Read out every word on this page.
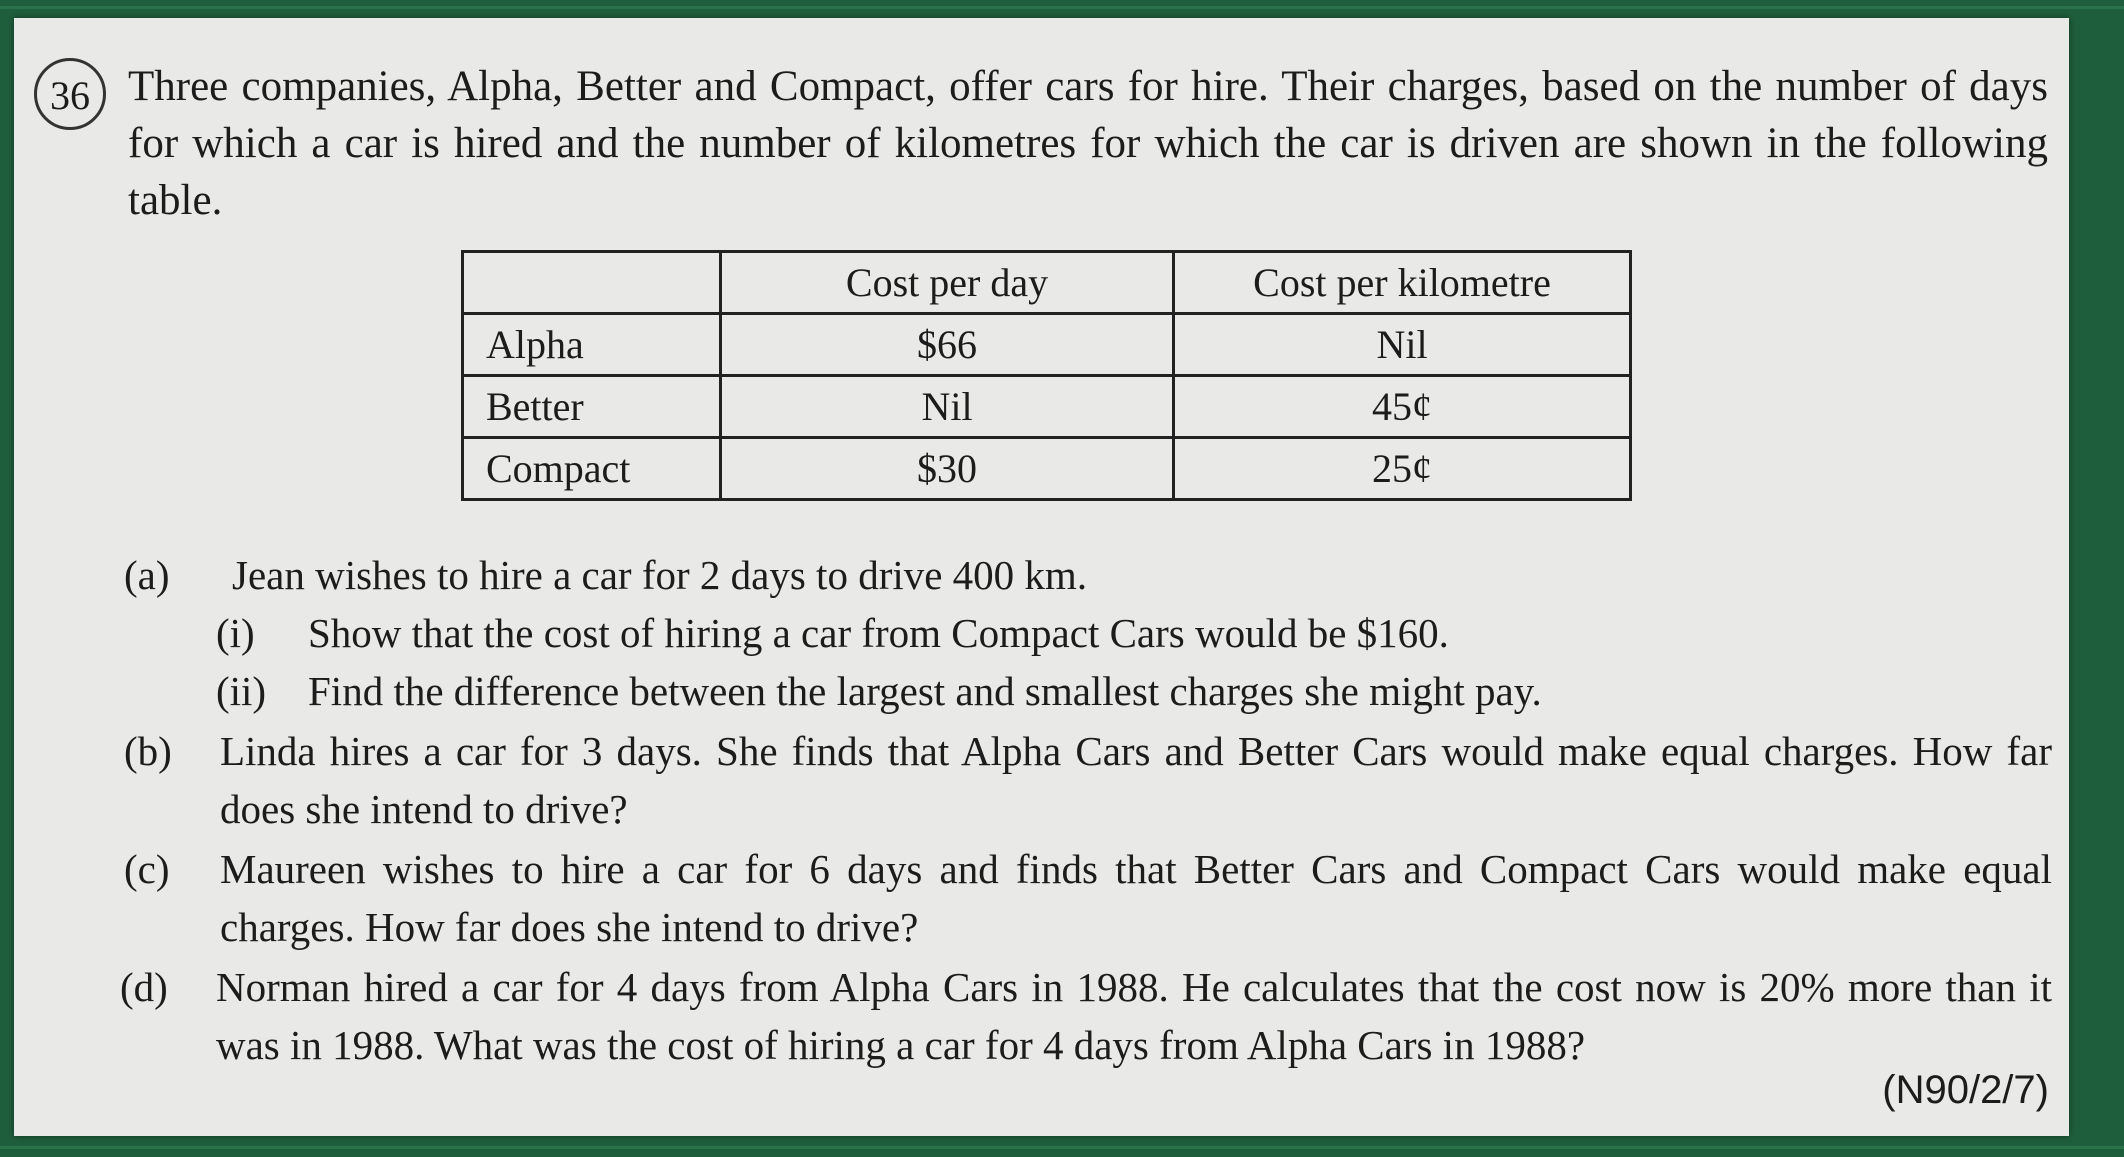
36 Three companies, Alpha, Better and Compact, offer cars for hire. Their charges, based on the number of days for which a car is hired and the number of kilometres for which the car is driven are shown in the following table.
	Cost per day	Cost per kilometre
Alpha	$66	Nil
Better	Nil	45¢
Compact	$30	25¢
(a) Jean wishes to hire a car for 2 days to drive 400 km.
(i) Show that the cost of hiring a car from Compact Cars would be $160.
(ii) Find the difference between the largest and smallest charges she might pay.
(b) Linda hires a car for 3 days. She finds that Alpha Cars and Better Cars would make equal charges. How far does she intend to drive?
(c) Maureen wishes to hire a car for 6 days and finds that Better Cars and Compact Cars would make equal charges. How far does she intend to drive?
(d) Norman hired a car for 4 days from Alpha Cars in 1988. He calculates that the cost now is 20% more than it was in 1988. What was the cost of hiring a car for 4 days from Alpha Cars in 1988?
(N90/2/7)
